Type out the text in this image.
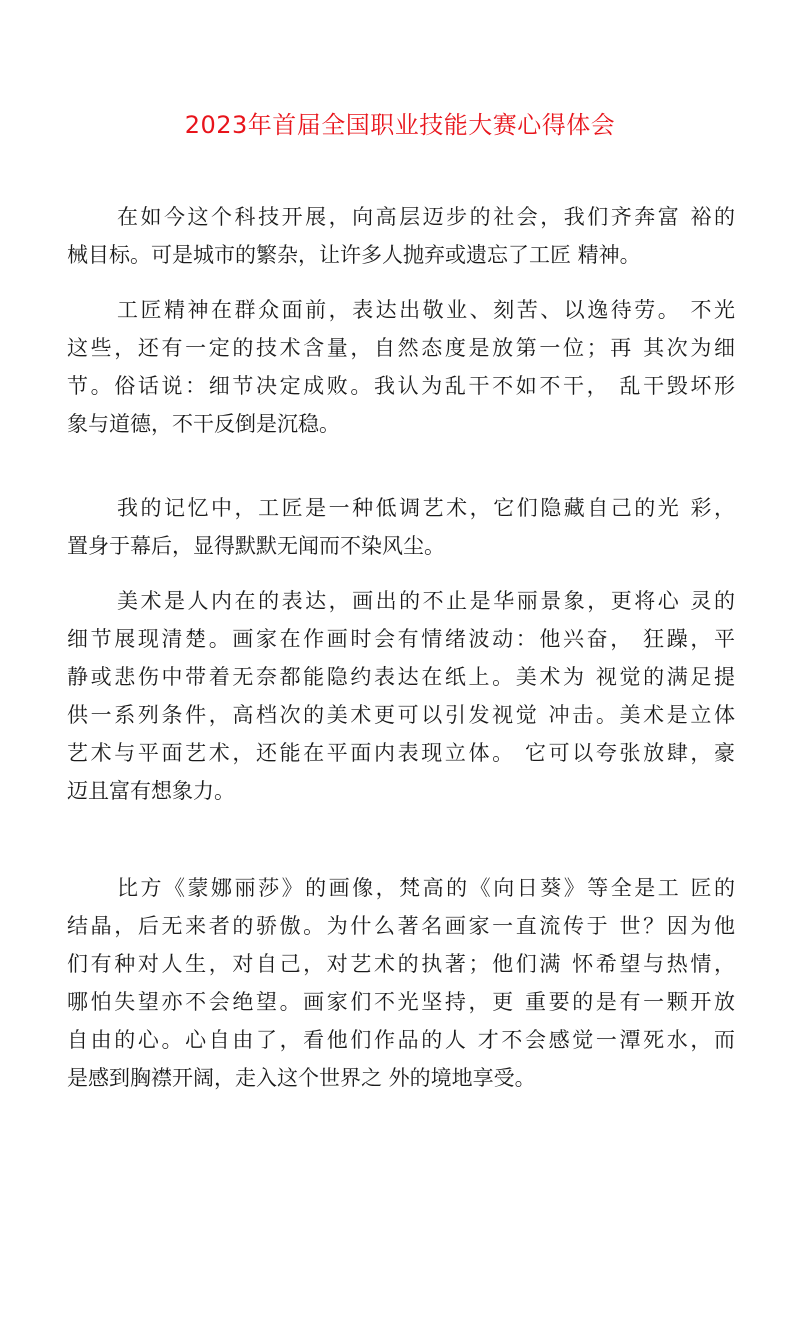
2023年首届全国职业技能大赛心得体会
在如今这个科技开展，向高层迈步的社会，我们齐奔富 裕的
械目标。可是城市的繁杂，让许多人抛弃或遗忘了工匠 精神。
工匠精神在群众面前，表达出敬业、刻苦、以逸待劳。 不光
这些，还有一定的技术含量，自然态度是放第一位；再 其次为细
节。俗话说：细节决定成败。我认为乱干不如不干， 乱干毁坏形
象与道德，不干反倒是沉稳。
我的记忆中，工匠是一种低调艺术，它们隐藏自己的光 彩，
置身于幕后，显得默默无闻而不染风尘。
美术是人内在的表达，画出的不止是华丽景象，更将心 灵的
细节展现清楚。画家在作画时会有情绪波动：他兴奋， 狂躁，平
静或悲伤中带着无奈都能隐约表达在纸上。美术为 视觉的满足提
供一系列条件，高档次的美术更可以引发视觉 冲击。美术是立体
艺术与平面艺术，还能在平面内表现立体。 它可以夸张放肆，豪
迈且富有想象力。
比方《蒙娜丽莎》的画像，梵高的《向日葵》等全是工 匠的
结晶，后无来者的骄傲。为什么著名画家一直流传于 世？因为他
们有种对人生，对自己，对艺术的执著；他们满 怀希望与热情，
哪怕失望亦不会绝望。画家们不光坚持，更 重要的是有一颗开放
自由的心。心自由了，看他们作品的人 才不会感觉一潭死水，而
是感到胸襟开阔，走入这个世界之 外的境地享受。
